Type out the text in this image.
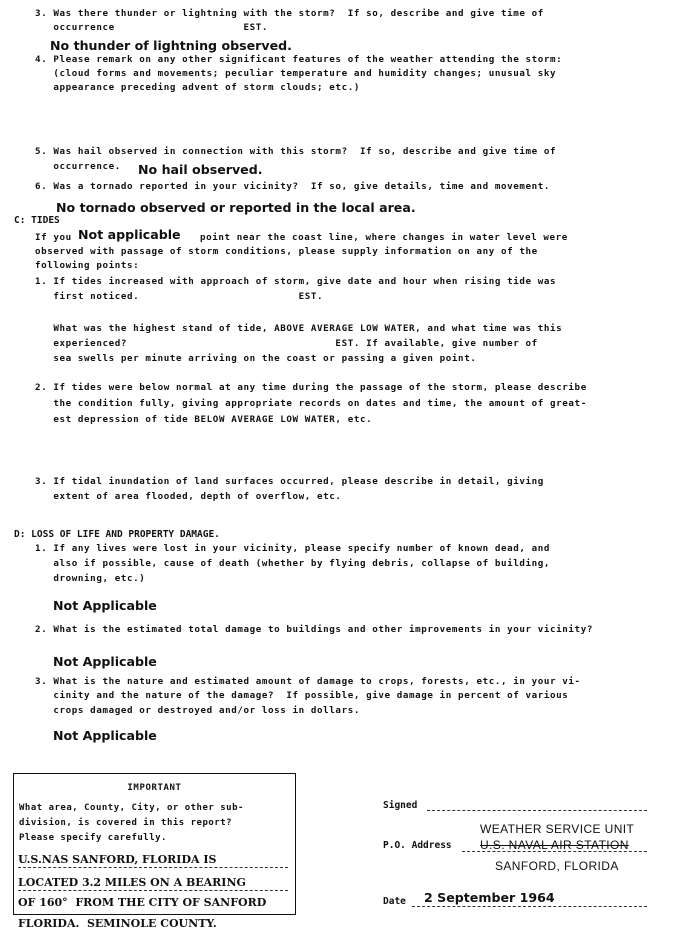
3. Was there thunder or lightning with the storm?  If so, describe and give time of
occurrence                     EST.
No thunder of lightning observed.
4. Please remark on any other significant features of the weather attending the storm:
(cloud forms and movements; peculiar temperature and humidity changes; unusual sky
appearance preceding advent of storm clouds; etc.)
5. Was hail observed in connection with this storm?  If so, describe and give time of
occurrence. No hail observed.
6. Was a tornado reported in your vicinity?  If so, give details, time and movement.
No tornado observed or reported in the local area.
C: TIDES
If you Not applicable point near the coast line, where changes in water level were
observed with passage of storm conditions, please supply information on any of the
following points:
1. If tides increased with approach of storm, give date and hour when rising tide was
first noticed.                          EST.
What was the highest stand of tide, ABOVE AVERAGE LOW WATER, and what time was this
experienced?                                  EST. If available, give number of
sea swells per minute arriving on the coast or passing a given point.
2. If tides were below normal at any time during the passage of the storm, please describe
the condition fully, giving appropriate records on dates and time, the amount of great-
est depression of tide BELOW AVERAGE LOW WATER, etc.
3. If tidal inundation of land surfaces occurred, please describe in detail, giving
extent of area flooded, depth of overflow, etc.
D: LOSS OF LIFE AND PROPERTY DAMAGE.
1. If any lives were lost in your vicinity, please specify number of known dead, and
also if possible, cause of death (whether by flying debris, collapse of building,
drowning, etc.)
Not Applicable
2. What is the estimated total damage to buildings and other improvements in your vicinity?
Not Applicable
3. What is the nature and estimated amount of damage to crops, forests, etc., in your vi-
cinity and the nature of the damage?  If possible, give damage in percent of various
crops damaged or destroyed and/or loss in dollars.
Not Applicable
IMPORTANT
What area, County, City, or other sub-
division, is covered in this report?
Please specify carefully.
U.S.NAS SANFORD, FLORIDA IS
LOCATED 3.2 MILES ON A BEARING
OF 160°  FROM THE CITY OF SANFORD
FLORIDA.  SEMINOLE COUNTY.
Signed
WEATHER SERVICE UNIT
P.O. Address U.S. NAVAL AIR STATION
SANFORD, FLORIDA
Date 2 September 1964
